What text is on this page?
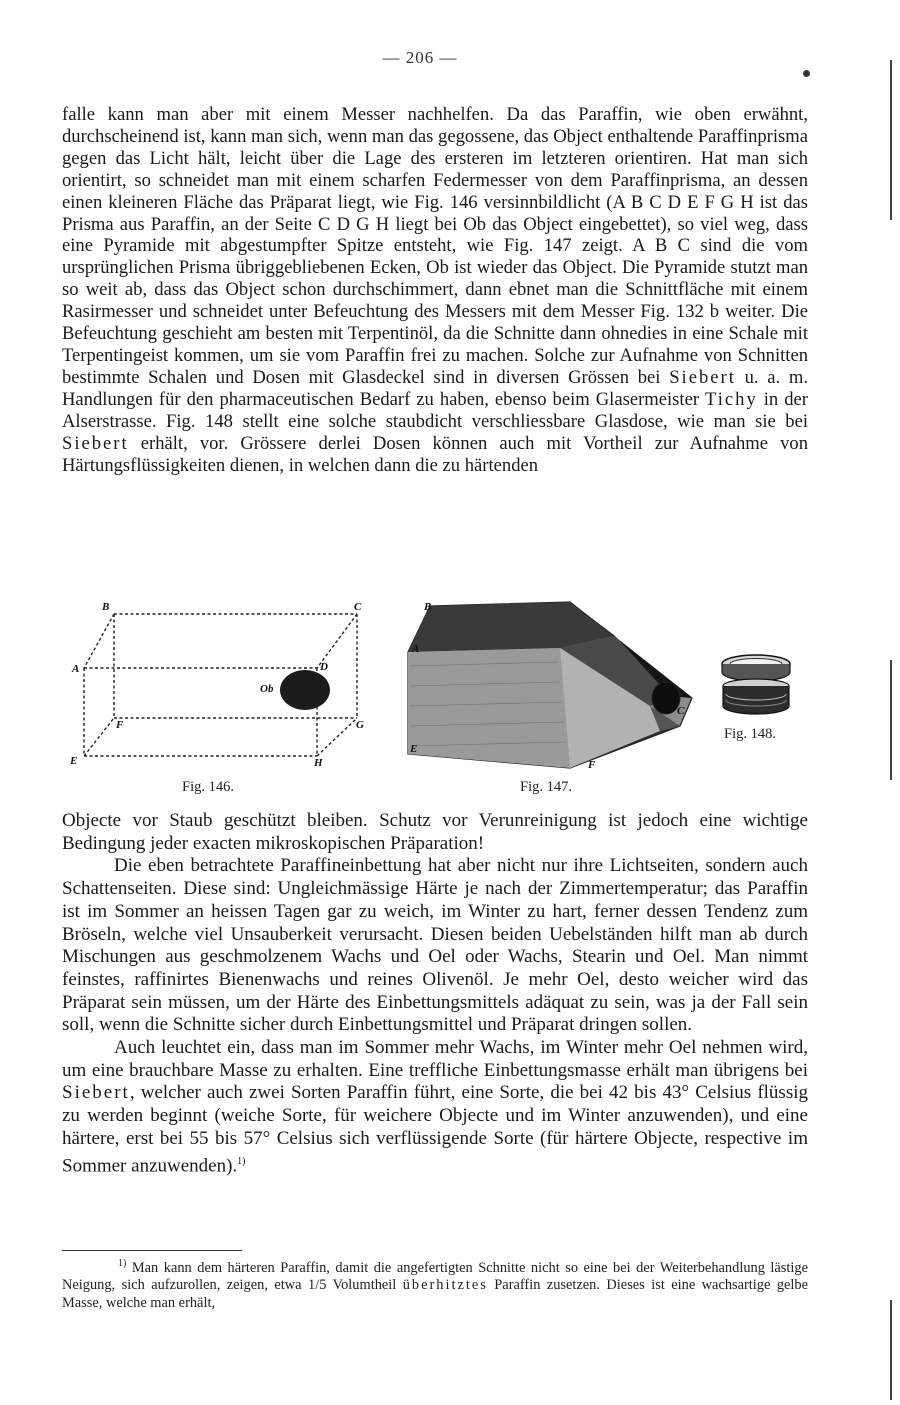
— 206 —

falle kann man aber mit einem Messer nachhelfen. Da das Paraffin, wie oben erwähnt, durchscheinend ist, kann man sich, wenn man das gegossene, das Object enthaltende Paraffinprisma gegen das Licht hält, leicht über die Lage des ersteren im letzteren orientiren. Hat man sich orientirt, so schneidet man mit einem scharfen Federmesser von dem Paraffinprisma, an dessen einen kleineren Fläche das Präparat liegt, wie Fig. 146 versinnbildlicht (A B C D E F G H ist das Prisma aus Paraffin, an der Seite C D G H liegt bei Ob das Object eingebettet), so viel weg, dass eine Pyramide mit abgestumpfter Spitze entsteht, wie Fig. 147 zeigt. A B C sind die vom ursprünglichen Prisma übriggebliebenen Ecken, Ob ist wieder das Object. Die Pyramide stutzt man so weit ab, dass das Object schon durchschimmert, dann ebnet man die Schnittfläche mit einem Rasirmesser und schneidet unter Befeuchtung des Messers mit dem Messer Fig. 132 b weiter. Die Befeuchtung geschieht am besten mit Terpentinöl, da die Schnitte dann ohnedies in eine Schale mit Terpentingeist kommen, um sie vom Paraffin frei zu machen. Solche zur Aufnahme von Schnitten bestimmte Schalen und Dosen mit Glasdeckel sind in diversen Grössen bei Siebert u. a. m. Handlungen für den pharmaceutischen Bedarf zu haben, ebenso beim Glasermeister Tichy in der Alserstrasse. Fig. 148 stellt eine solche staubdicht verschliessbare Glasdose, wie man sie bei Siebert erhält, vor. Grössere derlei Dosen können auch mit Vortheil zur Aufnahme von Härtungsflüssigkeiten dienen, in welchen dann die zu härtenden

B	C
A	D
E
F	G
H
Ob
Fig. 146.
B
A
C
E
F
Fig. 147.
Fig. 148.

Objecte vor Staub geschützt bleiben. Schutz vor Verunreinigung ist jedoch eine wichtige Bedingung jeder exacten mikroskopischen Präparation!

Die eben betrachtete Paraffineinbettung hat aber nicht nur ihre Lichtseiten, sondern auch Schattenseiten. Diese sind: Ungleichmässige Härte je nach der Zimmertemperatur; das Paraffin ist im Sommer an heissen Tagen gar zu weich, im Winter zu hart, ferner dessen Tendenz zum Bröseln, welche viel Unsauberkeit verursacht. Diesen beiden Uebelständen hilft man ab durch Mischungen aus geschmolzenem Wachs und Oel oder Wachs, Stearin und Oel. Man nimmt feinstes, raffinirtes Bienenwachs und reines Olivenöl. Je mehr Oel, desto weicher wird das Präparat sein müssen, um der Härte des Einbettungsmittels adäquat zu sein, was ja der Fall sein soll, wenn die Schnitte sicher durch Einbettungsmittel und Präparat dringen sollen.

Auch leuchtet ein, dass man im Sommer mehr Wachs, im Winter mehr Oel nehmen wird, um eine brauchbare Masse zu erhalten. Eine treffliche Einbettungsmasse erhält man übrigens bei Siebert, welcher auch zwei Sorten Paraffin führt, eine Sorte, die bei 42 bis 43° Celsius flüssig zu werden beginnt (weiche Sorte, für weichere Objecte und im Winter anzuwenden), und eine härtere, erst bei 55 bis 57° Celsius sich verflüssigende Sorte (für härtere Objecte, respective im Sommer anzuwenden).$^{1)}$

$^{1)}$ Man kann dem härteren Paraffin, damit die angefertigten Schnitte nicht so eine bei der Weiterbehandlung lästige Neigung, sich aufzurollen, zeigen, etwa 1/5 Volumtheil überhitztes Paraffin zusetzen. Dieses ist eine wachsartige gelbe Masse, welche man erhält,
